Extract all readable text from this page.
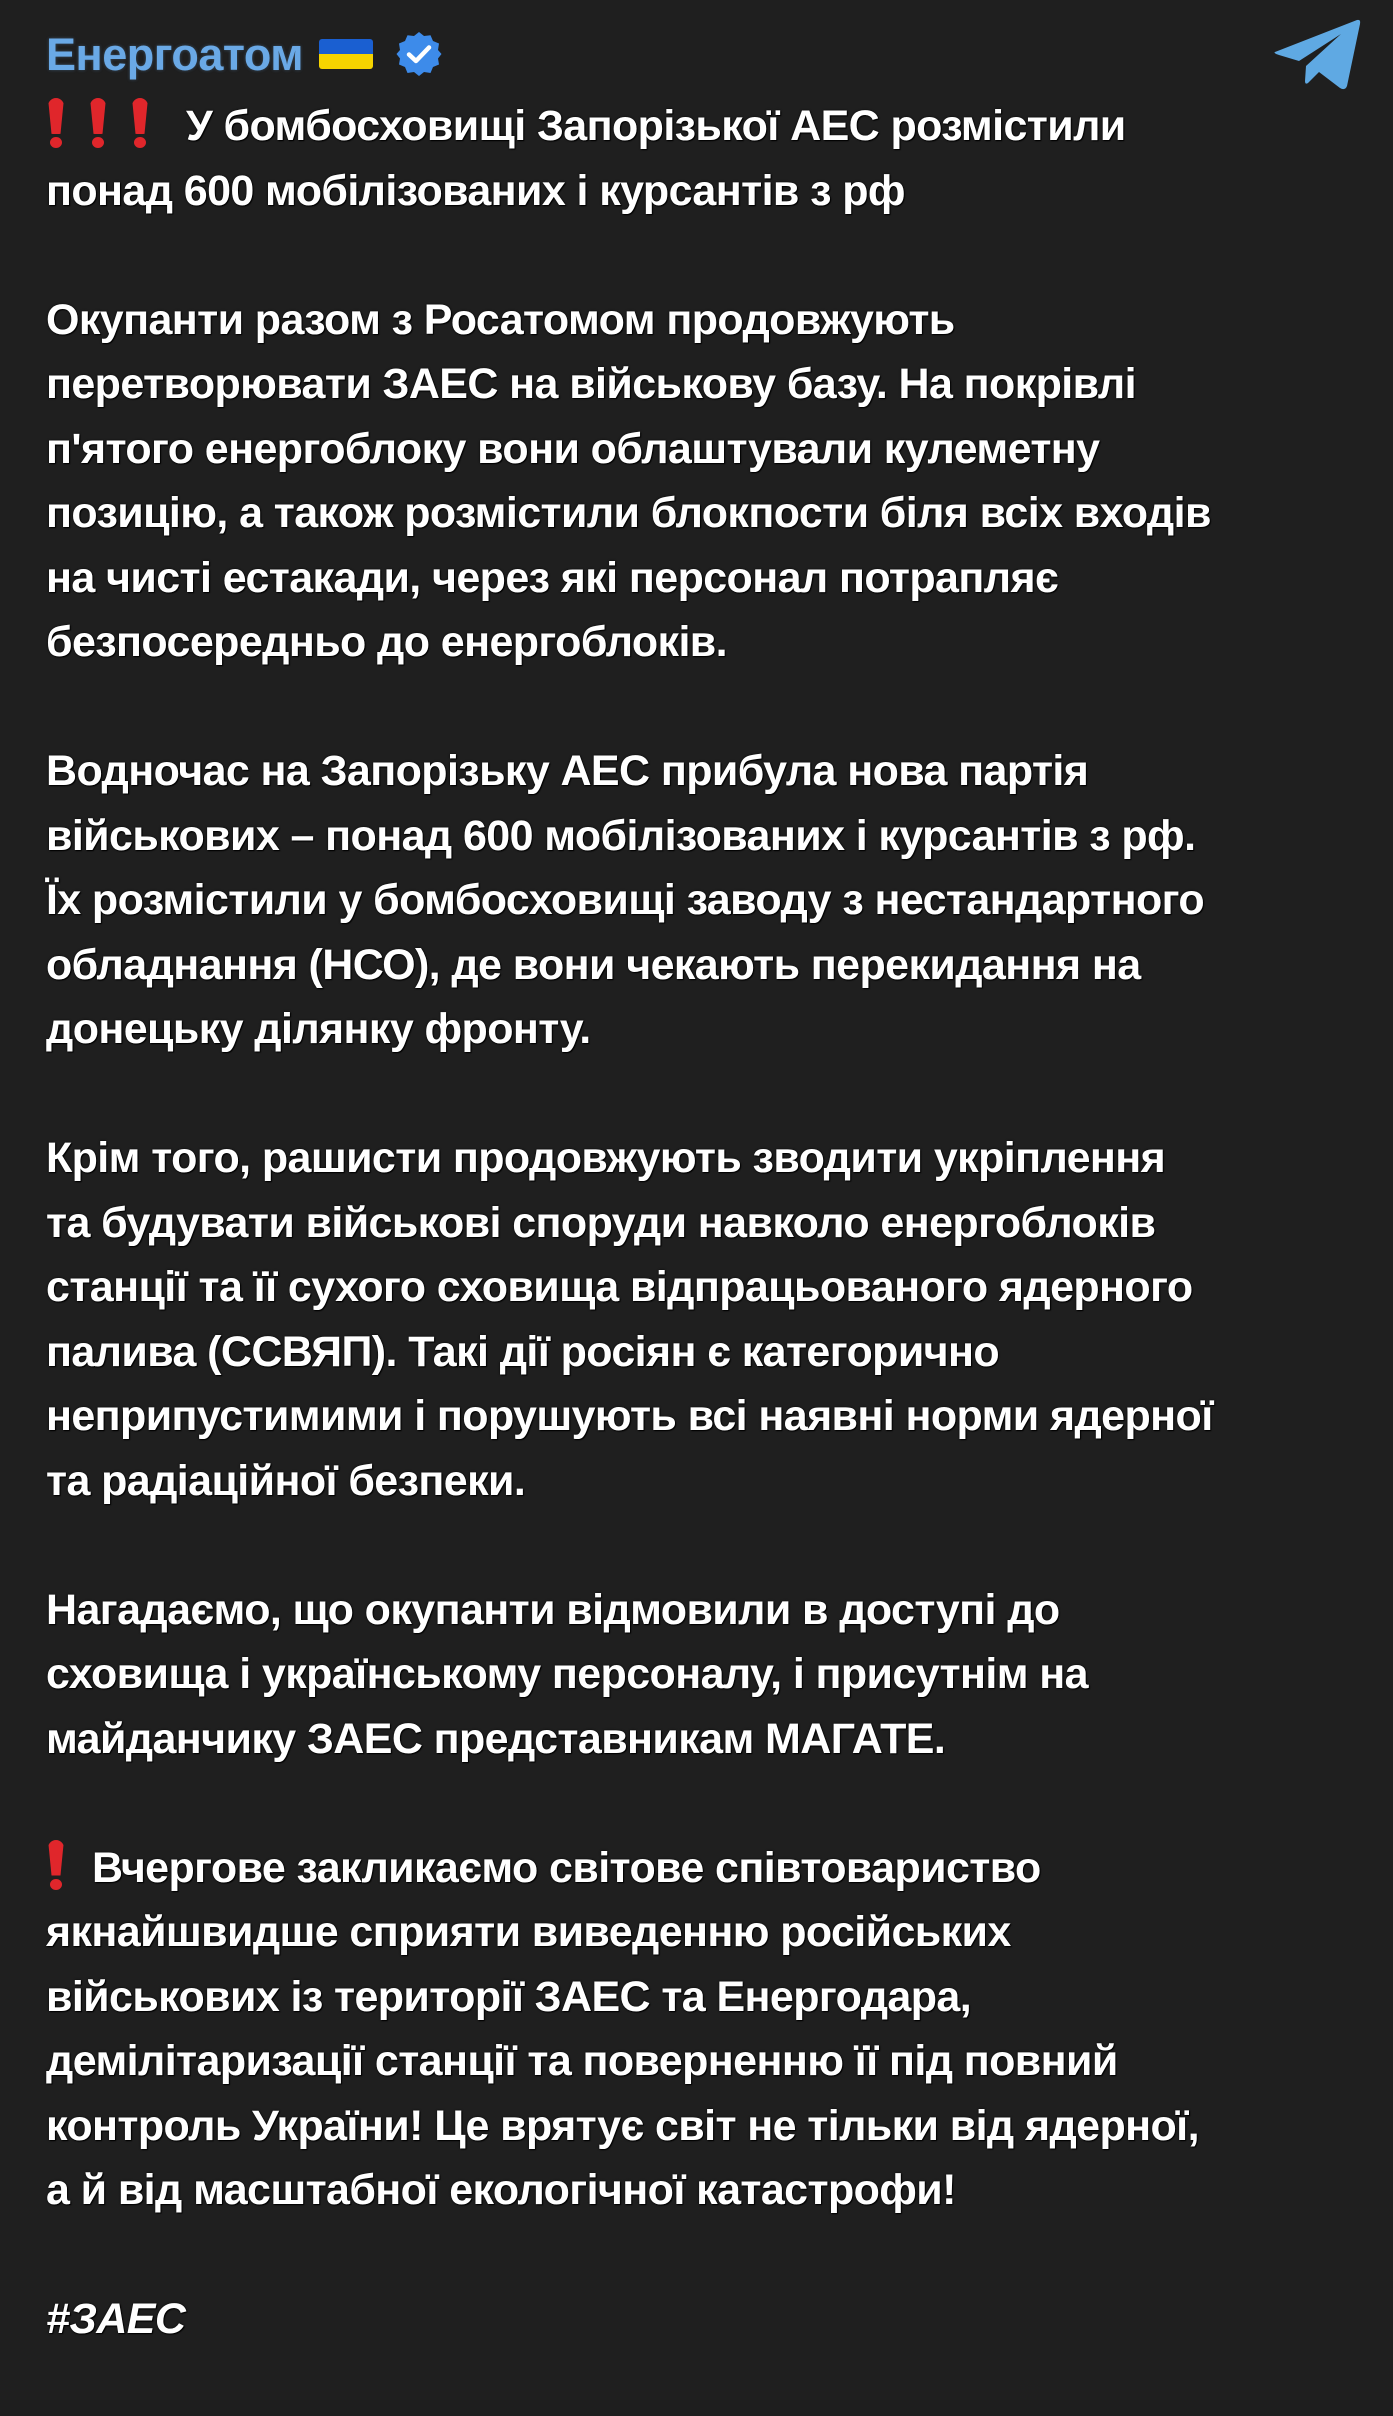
Енергоатом
У бомбосховищі Запорізької АЕС розмістили
понад 600 мобілізованих і курсантів з рф
Окупанти разом з Росатомом продовжують
перетворювати ЗАЕС на військову базу. На покрівлі
п'ятого енергоблоку вони облаштували кулеметну
позицію, а також розмістили блокпости біля всіх входів
на чисті естакади, через які персонал потрапляє
безпосередньо до енергоблоків.
Водночас на Запорізьку АЕС прибула нова партія
військових – понад 600 мобілізованих і курсантів з рф.
Їх розмістили у бомбосховищі заводу з нестандартного
обладнання (НСО), де вони чекають перекидання на
донецьку ділянку фронту.
Крім того, рашисти продовжують зводити укріплення
та будувати військові споруди навколо енергоблоків
станції та її сухого сховища відпрацьованого ядерного
палива (ССВЯП). Такі дії росіян є категорично
неприпустимими і порушують всі наявні норми ядерної
та радіаційної безпеки.
Нагадаємо, що окупанти відмовили в доступі до
сховища і українському персоналу, і присутнім на
майданчику ЗАЕС представникам МАГАТЕ.
Вчергове закликаємо світове співтовариство
якнайшвидше сприяти виведенню російських
військових із території ЗАЕС та Енергодара,
демілітаризації станції та поверненню її під повний
контроль України! Це врятує світ не тільки від ядерної,
а й від масштабної екологічної катастрофи!
#ЗАЕС
